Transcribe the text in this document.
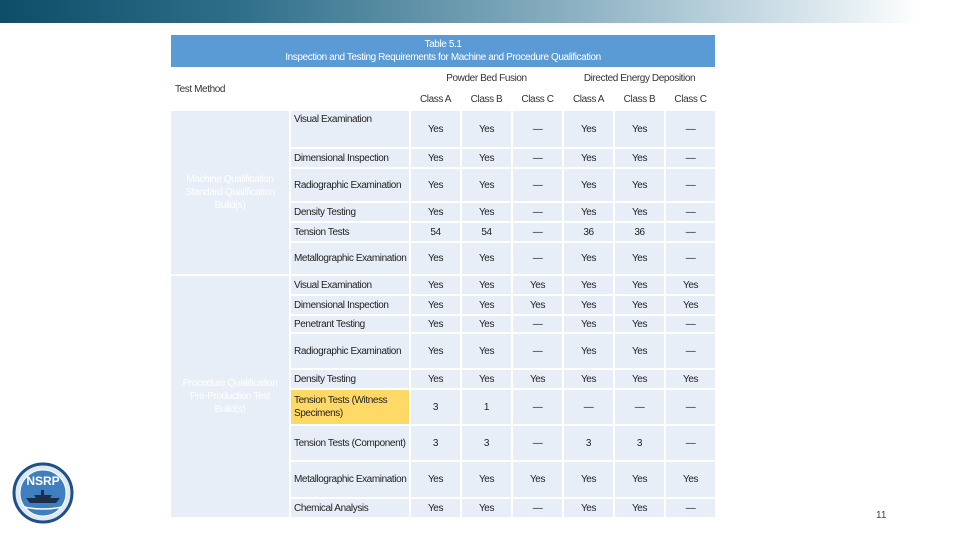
Table 5.1
Inspection and Testing Requirements for Machine and Procedure Qualification							

Test Method		Powder Bed Fusion			Directed Energy Deposition		
		Class A	Class B	Class C	Class A	Class B	Class C

Machine Qualification
Standard Qualification
Build(s)	Visual Examination	Yes	Yes	—	Yes	Yes	—
	Dimensional Inspection	Yes	Yes	—	Yes	Yes	—
	Radiographic Examination	Yes	Yes	—	Yes	Yes	—
	Density Testing	Yes	Yes	—	Yes	Yes	—
	Tension Tests	54	54	—	36	36	—
	Metallographic Examination	Yes	Yes	—	Yes	Yes	—

Procedure Qualification
Pre-Production Test
Build(s)	Visual Examination	Yes	Yes	Yes	Yes	Yes	Yes
	Dimensional Inspection	Yes	Yes	Yes	Yes	Yes	Yes
	Penetrant Testing	Yes	Yes	—	Yes	Yes	—
	Radiographic Examination	Yes	Yes	—	Yes	Yes	—
	Density Testing	Yes	Yes	Yes	Yes	Yes	Yes
	Tension Tests (Witness Specimens)	3	1	—	—	—	—
	Tension Tests (Component)	3	3	—	3	3	—
	Metallographic Examination	Yes	Yes	Yes	Yes	Yes	Yes
	Chemical Analysis	Yes	Yes	—	Yes	Yes	—
NSRP
11
